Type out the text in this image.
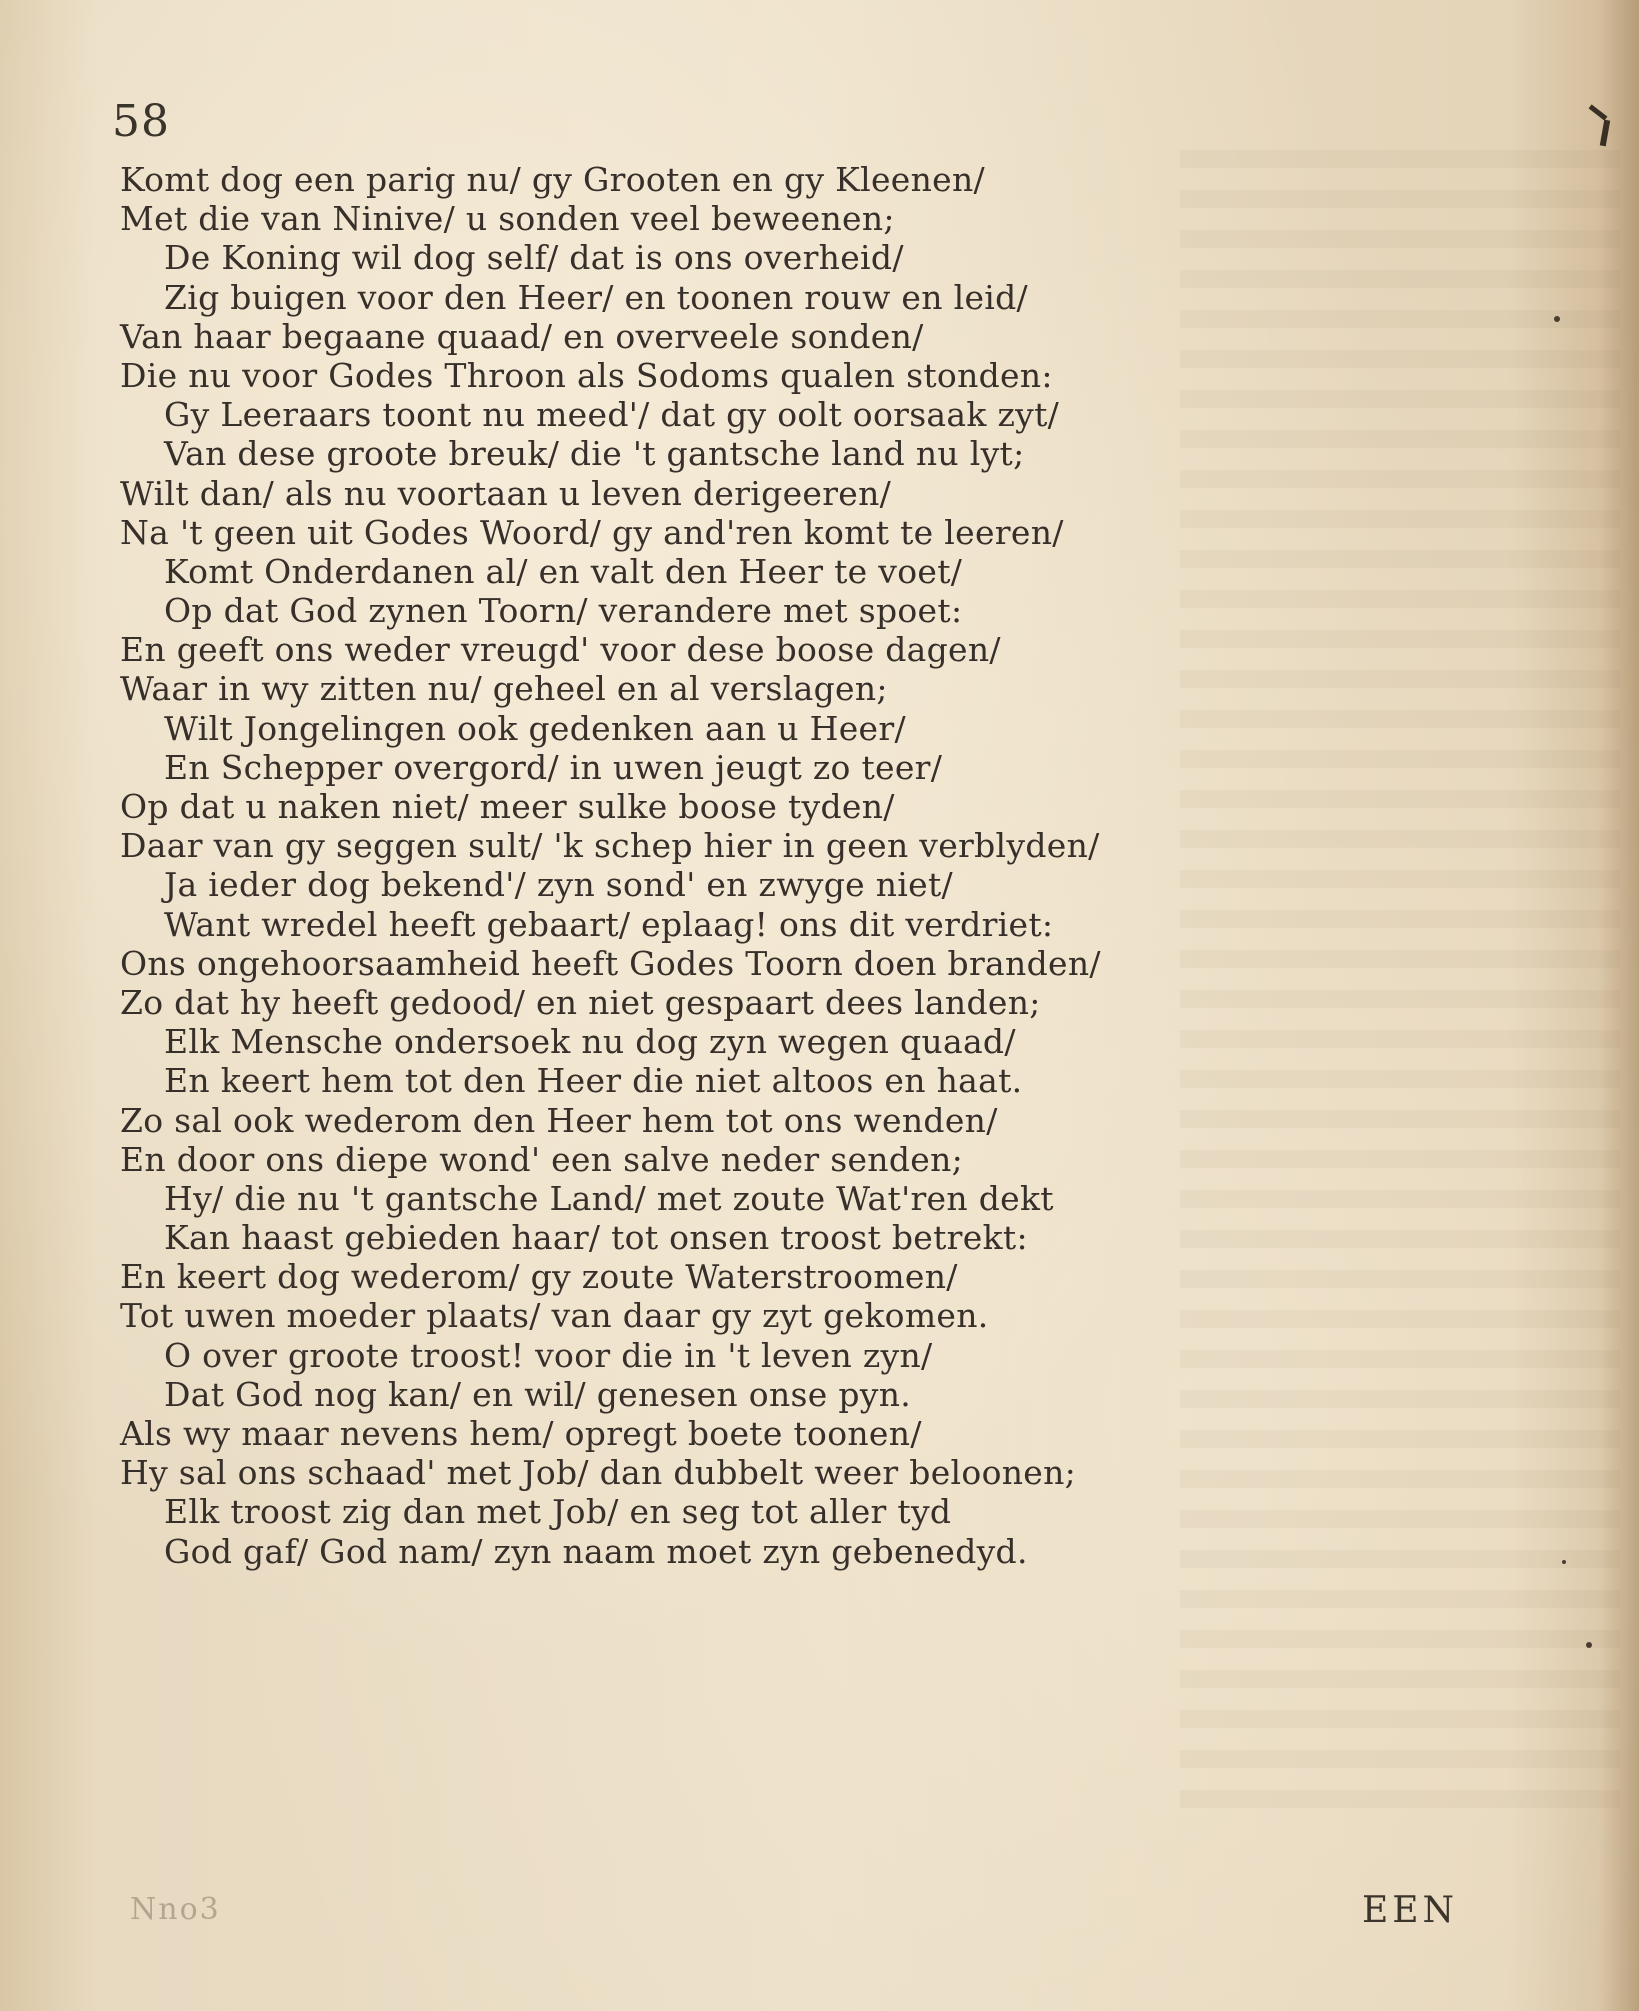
58
Komt dog een parig nu/ gy Grooten en gy Kleenen/
Met die van Ninive/ u sonden veel beweenen;
De Koning wil dog self/ dat is ons overheid/
Zig buigen voor den Heer/ en toonen rouw en leid/
Van haar begaane quaad/ en overveele sonden/
Die nu voor Godes Throon als Sodoms qualen stonden:
Gy Leeraars toont nu meed'/ dat gy oolt oorsaak zyt/
Van dese groote breuk/ die 't gantsche land nu lyt;
Wilt dan/ als nu voortaan u leven derigeeren/
Na 't geen uit Godes Woord/ gy and'ren komt te leeren/
Komt Onderdanen al/ en valt den Heer te voet/
Op dat God zynen Toorn/ verandere met spoet:
En geeft ons weder vreugd' voor dese boose dagen/
Waar in wy zitten nu/ geheel en al verslagen;
Wilt Jongelingen ook gedenken aan u Heer/
En Schepper overgord/ in uwen jeugt zo teer/
Op dat u naken niet/ meer sulke boose tyden/
Daar van gy seggen sult/ 'k schep hier in geen verblyden/
Ja ieder dog bekend'/ zyn sond' en zwyge niet/
Want wredel heeft gebaart/ eplaag! ons dit verdriet:
Ons ongehoorsaamheid heeft Godes Toorn doen branden/
Zo dat hy heeft gedood/ en niet gespaart dees landen;
Elk Mensche ondersoek nu dog zyn wegen quaad/
En keert hem tot den Heer die niet altoos en haat.
Zo sal ook wederom den Heer hem tot ons wenden/
En door ons diepe wond' een salve neder senden;
Hy/ die nu 't gantsche Land/ met zoute Wat'ren dekt
Kan haast gebieden haar/ tot onsen troost betrekt:
En keert dog wederom/ gy zoute Waterstroomen/
Tot uwen moeder plaats/ van daar gy zyt gekomen.
O over groote troost! voor die in 't leven zyn/
Dat God nog kan/ en wil/ genesen onse pyn.
Als wy maar nevens hem/ opregt boete toonen/
Hy sal ons schaad' met Job/ dan dubbelt weer beloonen;
Elk troost zig dan met Job/ en seg tot aller tyd
God gaf/ God nam/ zyn naam moet zyn gebenedyd.
Nno3	EEN
